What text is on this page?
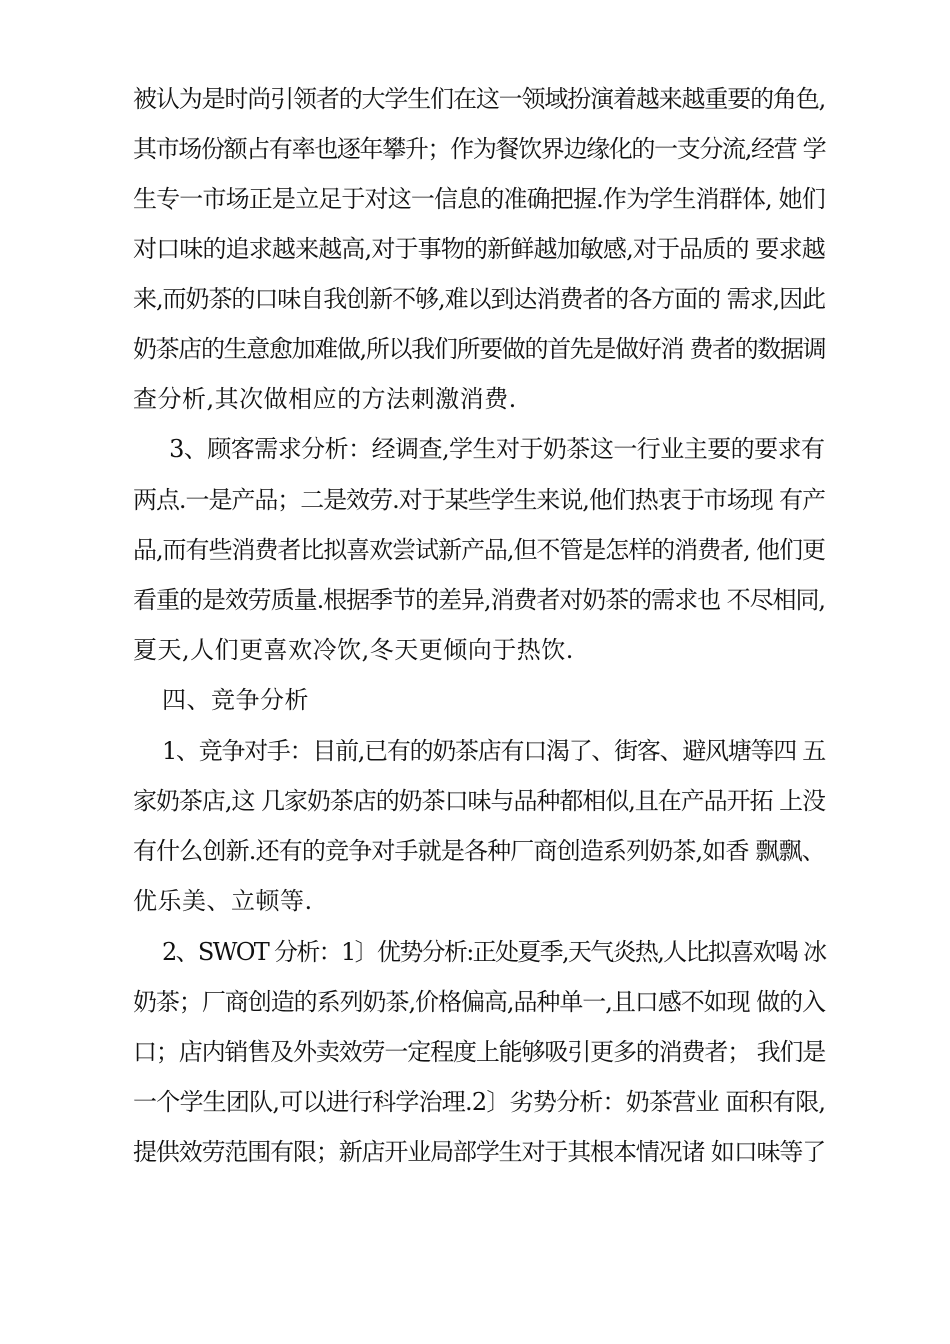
被认为是时尚引领者的大学生们在这一领域扮演着越来越重要的角色,
其市场份额占有率也逐年攀升；作为餐饮界边缘化的一支分流,经营 学
生专一市场正是立足于对这一信息的准确把握.作为学生消群体, 她们
对口味的追求越来越高,对于事物的新鲜越加敏感,对于品质的 要求越
来,而奶茶的口味自我创新不够,难以到达消费者的各方面的 需求,因此
奶茶店的生意愈加难做,所以我们所要做的首先是做好消 费者的数据调
查分析,其次做相应的方法刺激消费.
3、顾客需求分析：经调查,学生对于奶茶这一行业主要的要求有
两点.一是产品；二是效劳.对于某些学生来说,他们热衷于市场现 有产
品,而有些消费者比拟喜欢尝试新产品,但不管是怎样的消费者, 他们更
看重的是效劳质量.根据季节的差异,消费者对奶茶的需求也 不尽相同,
夏天,人们更喜欢冷饮,冬天更倾向于热饮.
四、竞争分析
1、竞争对手：目前,已有的奶茶店有口渴了、街客、避风塘等四 五
家奶茶店,这 几家奶茶店的奶茶口味与品种都相似,且在产品开拓 上没
有什么创新.还有的竞争对手就是各种厂商创造系列奶茶,如香 飘飘、
优乐美、立顿等.
2、SWOT 分析：1〕优势分析:正处夏季,天气炎热,人比拟喜欢喝 冰
奶茶；厂商创造的系列奶茶,价格偏高,品种单一,且口感不如现 做的入
口；店内销售及外卖效劳一定程度上能够吸引更多的消费者； 我们是
一个学生团队,可以进行科学治理.2〕劣势分析：奶茶营业 面积有限,
提供效劳范围有限；新店开业局部学生对于其根本情况诸 如口味等了
